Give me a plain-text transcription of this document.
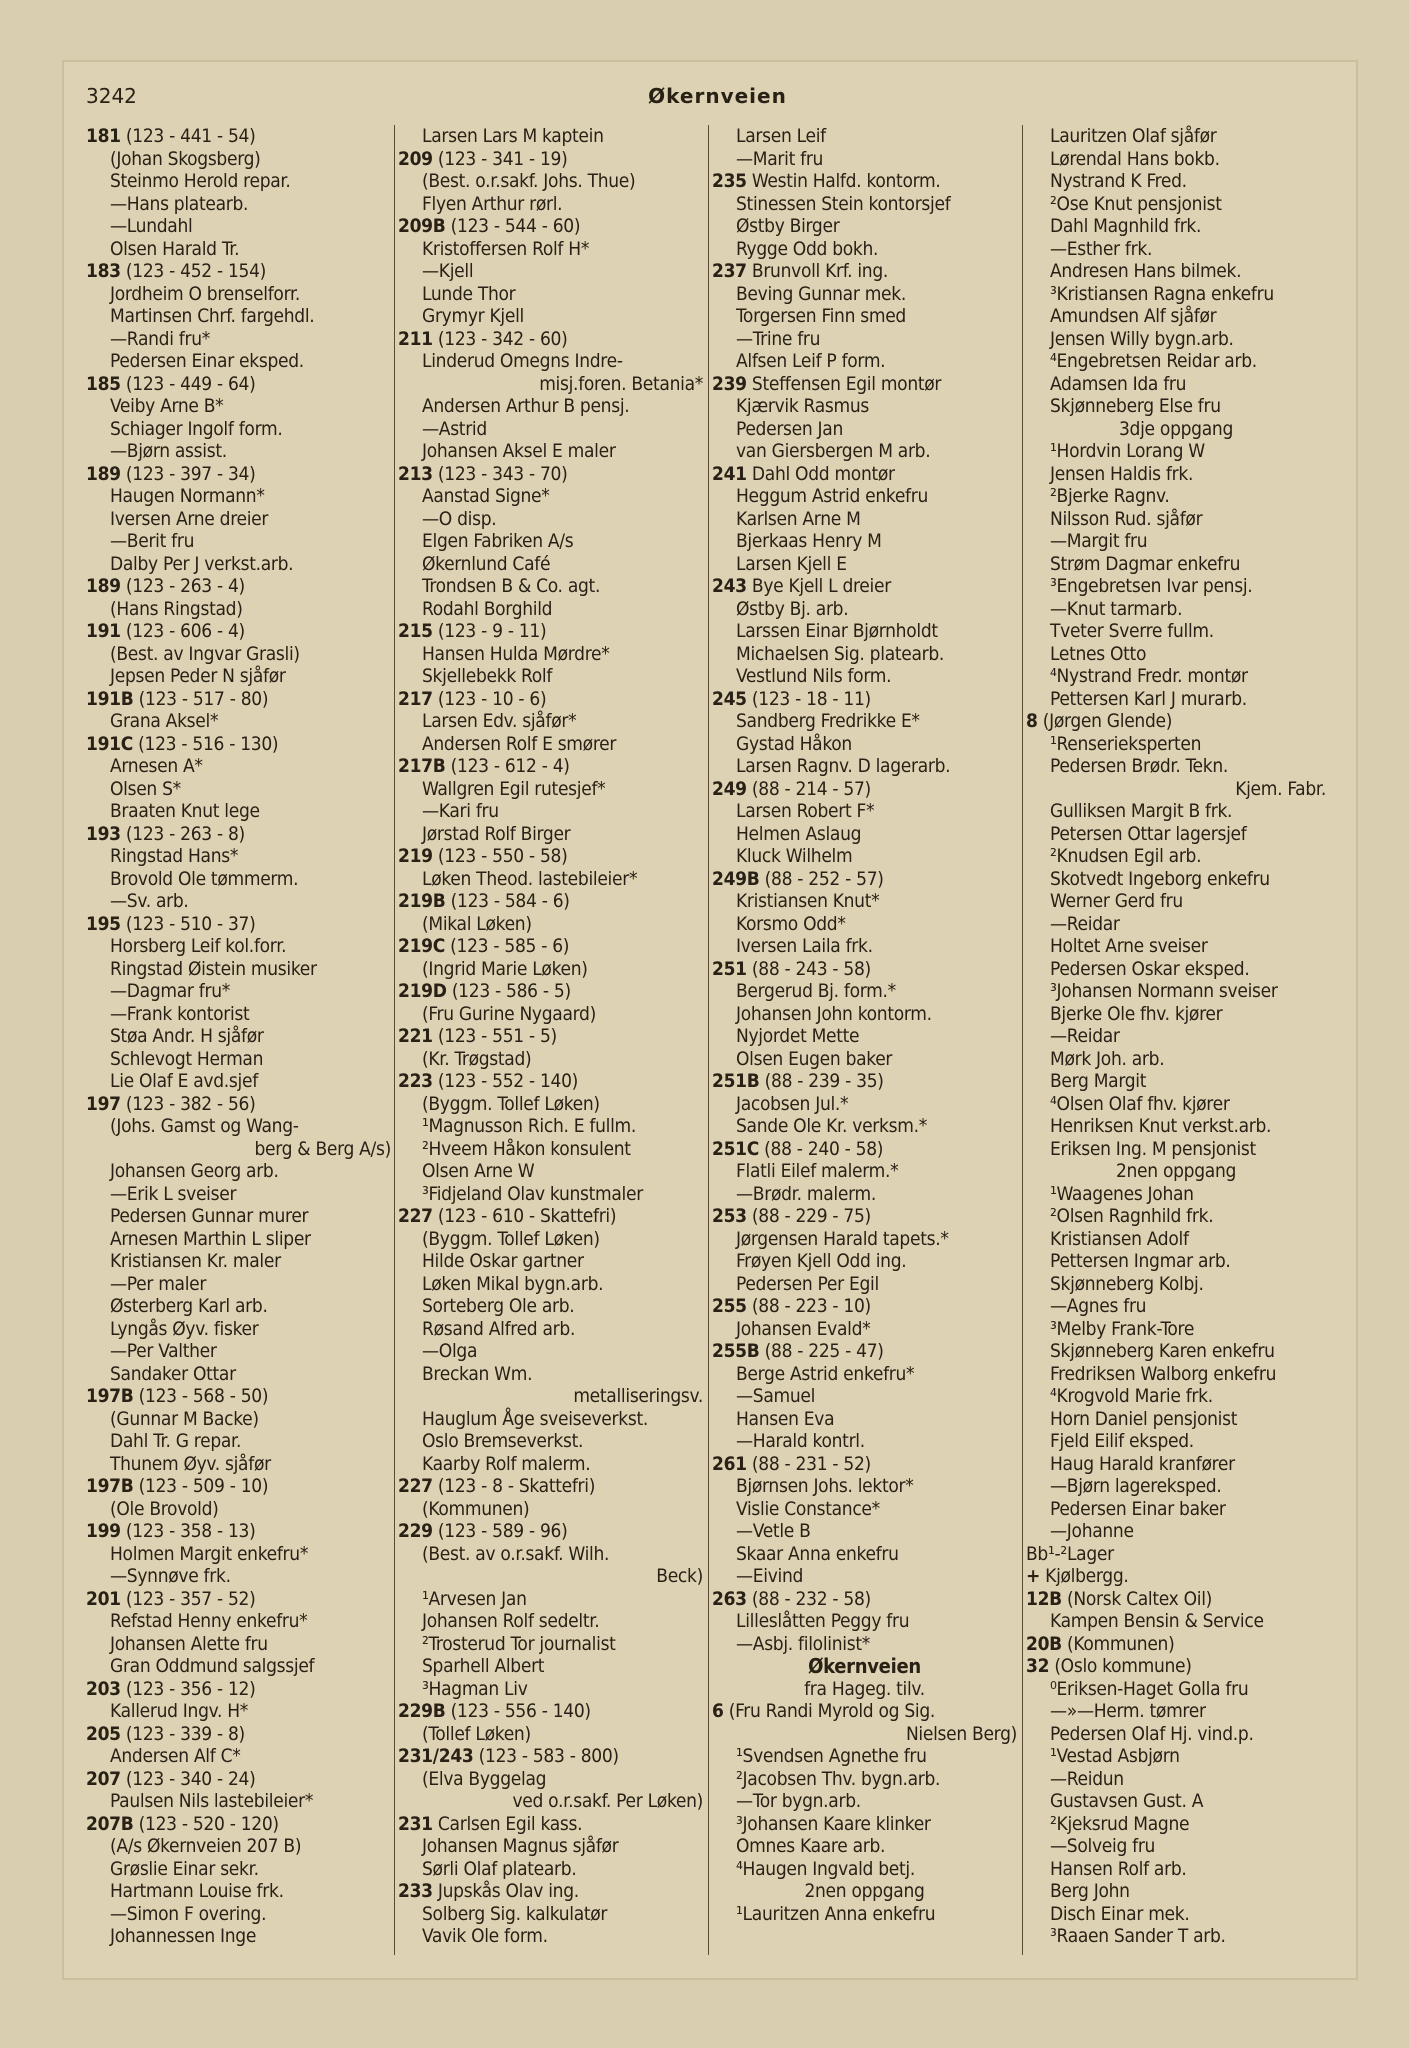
3242	Økernveien
181 (123 - 441 - 54)
(Johan Skogsberg)
Steinmo Herold repar.
—Hans platearb.
—Lundahl
Olsen Harald Tr.
183 (123 - 452 - 154)
Jordheim O brenselforr.
Martinsen Chrf. fargehdl.
—Randi fru*
Pedersen Einar eksped.
185 (123 - 449 - 64)
Veiby Arne B*
Schiager Ingolf form.
—Bjørn assist.
189 (123 - 397 - 34)
Haugen Normann*
Iversen Arne dreier
—Berit fru
Dalby Per J verkst.arb.
189 (123 - 263 - 4)
(Hans Ringstad)
191 (123 - 606 - 4)
(Best. av Ingvar Grasli)
Jepsen Peder N sjåfør
191B (123 - 517 - 80)
Grana Aksel*
191C (123 - 516 - 130)
Arnesen A*
Olsen S*
Braaten Knut lege
193 (123 - 263 - 8)
Ringstad Hans*
Brovold Ole tømmerm.
—Sv. arb.
195 (123 - 510 - 37)
Horsberg Leif kol.forr.
Ringstad Øistein musiker
—Dagmar fru*
—Frank kontorist
Støa Andr. H sjåfør
Schlevogt Herman
Lie Olaf E avd.sjef
197 (123 - 382 - 56)
(Johs. Gamst og Wang-
berg & Berg A/s)
Johansen Georg arb.
—Erik L sveiser
Pedersen Gunnar murer
Arnesen Marthin L sliper
Kristiansen Kr. maler
—Per maler
Østerberg Karl arb.
Lyngås Øyv. fisker
—Per Valther
Sandaker Ottar
197B (123 - 568 - 50)
(Gunnar M Backe)
Dahl Tr. G repar.
Thunem Øyv. sjåfør
197B (123 - 509 - 10)
(Ole Brovold)
199 (123 - 358 - 13)
Holmen Margit enkefru*
—Synnøve frk.
201 (123 - 357 - 52)
Refstad Henny enkefru*
Johansen Alette fru
Gran Oddmund salgssjef
203 (123 - 356 - 12)
Kallerud Ingv. H*
205 (123 - 339 - 8)
Andersen Alf C*
207 (123 - 340 - 24)
Paulsen Nils lastebileier*
207B (123 - 520 - 120)
(A/s Økernveien 207 B)
Grøslie Einar sekr.
Hartmann Louise frk.
—Simon F overing.
Johannessen Inge
Larsen Lars M kaptein
209 (123 - 341 - 19)
(Best. o.r.sakf. Johs. Thue)
Flyen Arthur rørl.
209B (123 - 544 - 60)
Kristoffersen Rolf H*
—Kjell
Lunde Thor
Grymyr Kjell
211 (123 - 342 - 60)
Linderud Omegns Indre-
misj.foren. Betania*
Andersen Arthur B pensj.
—Astrid
Johansen Aksel E maler
213 (123 - 343 - 70)
Aanstad Signe*
—O disp.
Elgen Fabriken A/s
Økernlund Café
Trondsen B & Co. agt.
Rodahl Borghild
215 (123 - 9 - 11)
Hansen Hulda Mørdre*
Skjellebekk Rolf
217 (123 - 10 - 6)
Larsen Edv. sjåfør*
Andersen Rolf E smører
217B (123 - 612 - 4)
Wallgren Egil rutesjef*
—Kari fru
Jørstad Rolf Birger
219 (123 - 550 - 58)
Løken Theod. lastebileier*
219B (123 - 584 - 6)
(Mikal Løken)
219C (123 - 585 - 6)
(Ingrid Marie Løken)
219D (123 - 586 - 5)
(Fru Gurine Nygaard)
221 (123 - 551 - 5)
(Kr. Trøgstad)
223 (123 - 552 - 140)
(Byggm. Tollef Løken)
¹Magnusson Rich. E fullm.
²Hveem Håkon konsulent
Olsen Arne W
³Fidjeland Olav kunstmaler
227 (123 - 610 - Skattefri)
(Byggm. Tollef Løken)
Hilde Oskar gartner
Løken Mikal bygn.arb.
Sorteberg Ole arb.
Røsand Alfred arb.
—Olga
Breckan Wm.
metalliseringsv.
Hauglum Åge sveiseverkst.
Oslo Bremseverkst.
Kaarby Rolf malerm.
227 (123 - 8 - Skattefri)
(Kommunen)
229 (123 - 589 - 96)
(Best. av o.r.sakf. Wilh.
Beck)
¹Arvesen Jan
Johansen Rolf sedeltr.
²Trosterud Tor journalist
Sparhell Albert
³Hagman Liv
229B (123 - 556 - 140)
(Tollef Løken)
231/243 (123 - 583 - 800)
(Elva Byggelag
ved o.r.sakf. Per Løken)
231 Carlsen Egil kass.
Johansen Magnus sjåfør
Sørli Olaf platearb.
233 Jupskås Olav ing.
Solberg Sig. kalkulatør
Vavik Ole form.
Larsen Leif
—Marit fru
235 Westin Halfd. kontorm.
Stinessen Stein kontorsjef
Østby Birger
Rygge Odd bokh.
237 Brunvoll Krf. ing.
Beving Gunnar mek.
Torgersen Finn smed
—Trine fru
Alfsen Leif P form.
239 Steffensen Egil montør
Kjærvik Rasmus
Pedersen Jan
van Giersbergen M arb.
241 Dahl Odd montør
Heggum Astrid enkefru
Karlsen Arne M
Bjerkaas Henry M
Larsen Kjell E
243 Bye Kjell L dreier
Østby Bj. arb.
Larssen Einar Bjørnholdt
Michaelsen Sig. platearb.
Vestlund Nils form.
245 (123 - 18 - 11)
Sandberg Fredrikke E*
Gystad Håkon
Larsen Ragnv. D lagerarb.
249 (88 - 214 - 57)
Larsen Robert F*
Helmen Aslaug
Kluck Wilhelm
249B (88 - 252 - 57)
Kristiansen Knut*
Korsmo Odd*
Iversen Laila frk.
251 (88 - 243 - 58)
Bergerud Bj. form.*
Johansen John kontorm.
Nyjordet Mette
Olsen Eugen baker
251B (88 - 239 - 35)
Jacobsen Jul.*
Sande Ole Kr. verksm.*
251C (88 - 240 - 58)
Flatli Eilef malerm.*
—Brødr. malerm.
253 (88 - 229 - 75)
Jørgensen Harald tapets.*
Frøyen Kjell Odd ing.
Pedersen Per Egil
255 (88 - 223 - 10)
Johansen Evald*
255B (88 - 225 - 47)
Berge Astrid enkefru*
—Samuel
Hansen Eva
—Harald kontrl.
261 (88 - 231 - 52)
Bjørnsen Johs. lektor*
Vislie Constance*
—Vetle B
Skaar Anna enkefru
—Eivind
263 (88 - 232 - 58)
Lilleslåtten Peggy fru
—Asbj. filolinist*
Økernveien
fra Hageg. tilv.
6 (Fru Randi Myrold og Sig.
Nielsen Berg)
¹Svendsen Agnethe fru
²Jacobsen Thv. bygn.arb.
—Tor bygn.arb.
³Johansen Kaare klinker
Omnes Kaare arb.
⁴Haugen Ingvald betj.
2nen oppgang
¹Lauritzen Anna enkefru
Lauritzen Olaf sjåfør
Lørendal Hans bokb.
Nystrand K Fred.
²Ose Knut pensjonist
Dahl Magnhild frk.
—Esther frk.
Andresen Hans bilmek.
³Kristiansen Ragna enkefru
Amundsen Alf sjåfør
Jensen Willy bygn.arb.
⁴Engebretsen Reidar arb.
Adamsen Ida fru
Skjønneberg Else fru
3dje oppgang
¹Hordvin Lorang W
Jensen Haldis frk.
²Bjerke Ragnv.
Nilsson Rud. sjåfør
—Margit fru
Strøm Dagmar enkefru
³Engebretsen Ivar pensj.
—Knut tarmarb.
Tveter Sverre fullm.
Letnes Otto
⁴Nystrand Fredr. montør
Pettersen Karl J murarb.
8 (Jørgen Glende)
¹Renserieksperten
Pedersen Brødr. Tekn.
Kjem. Fabr.
Gulliksen Margit B frk.
Petersen Ottar lagersjef
²Knudsen Egil arb.
Skotvedt Ingeborg enkefru
Werner Gerd fru
—Reidar
Holtet Arne sveiser
Pedersen Oskar eksped.
³Johansen Normann sveiser
Bjerke Ole fhv. kjører
—Reidar
Mørk Joh. arb.
Berg Margit
⁴Olsen Olaf fhv. kjører
Henriksen Knut verkst.arb.
Eriksen Ing. M pensjonist
2nen oppgang
¹Waagenes Johan
²Olsen Ragnhild frk.
Kristiansen Adolf
Pettersen Ingmar arb.
Skjønneberg Kolbj.
—Agnes fru
³Melby Frank-Tore
Skjønneberg Karen enkefru
Fredriksen Walborg enkefru
⁴Krogvold Marie frk.
Horn Daniel pensjonist
Fjeld Eilif eksped.
Haug Harald kranfører
—Bjørn lagereksped.
Pedersen Einar baker
—Johanne
Bb¹-²Lager
+ Kjølbergg.
12B (Norsk Caltex Oil)
Kampen Bensin & Service
20B (Kommunen)
32 (Oslo kommune)
⁰Eriksen-Haget Golla fru
—»—Herm. tømrer
Pedersen Olaf Hj. vind.p.
¹Vestad Asbjørn
—Reidun
Gustavsen Gust. A
²Kjeksrud Magne
—Solveig fru
Hansen Rolf arb.
Berg John
Disch Einar mek.
³Raaen Sander T arb.
